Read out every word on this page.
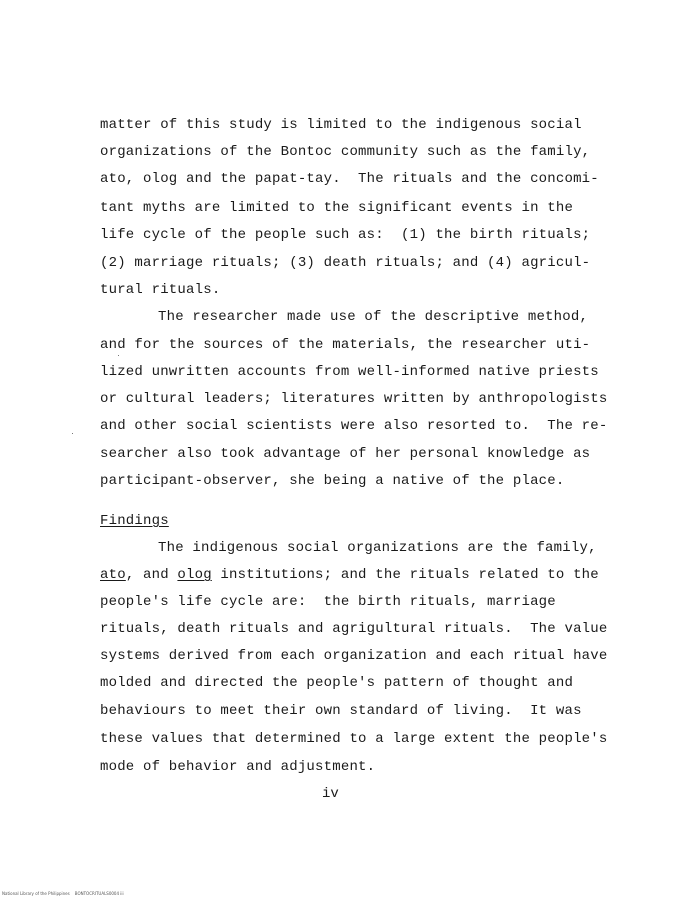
matter of this study is limited to the indigenous social
organizations of the Bontoc community such as the family,
ato, olog and the papat-tay.  The rituals and the concomi-
tant myths are limited to the significant events in the
life cycle of the people such as:  (1) the birth rituals;
(2) marriage rituals; (3) death rituals; and (4) agricul-
tural rituals.
The researcher made use of the descriptive method,
and for the sources of the materials, the researcher uti-
lized unwritten accounts from well-informed native priests
or cultural leaders; literatures written by anthropologists
and other social scientists were also resorted to.  The re-
searcher also took advantage of her personal knowledge as
participant-observer, she being a native of the place.
Findings
The indigenous social organizations are the family,
ato, and olog institutions; and the rituals related to the
people's life cycle are:  the birth rituals, marriage
rituals, death rituals and agrigultural rituals.  The value
systems derived from each organization and each ritual have
molded and directed the people's pattern of thought and
behaviours to meet their own standard of living.  It was
these values that determined to a large extent the people's
mode of behavior and adjustment.
iv
National Library of the Philippines    BONTOCRITUALS0004 iii
